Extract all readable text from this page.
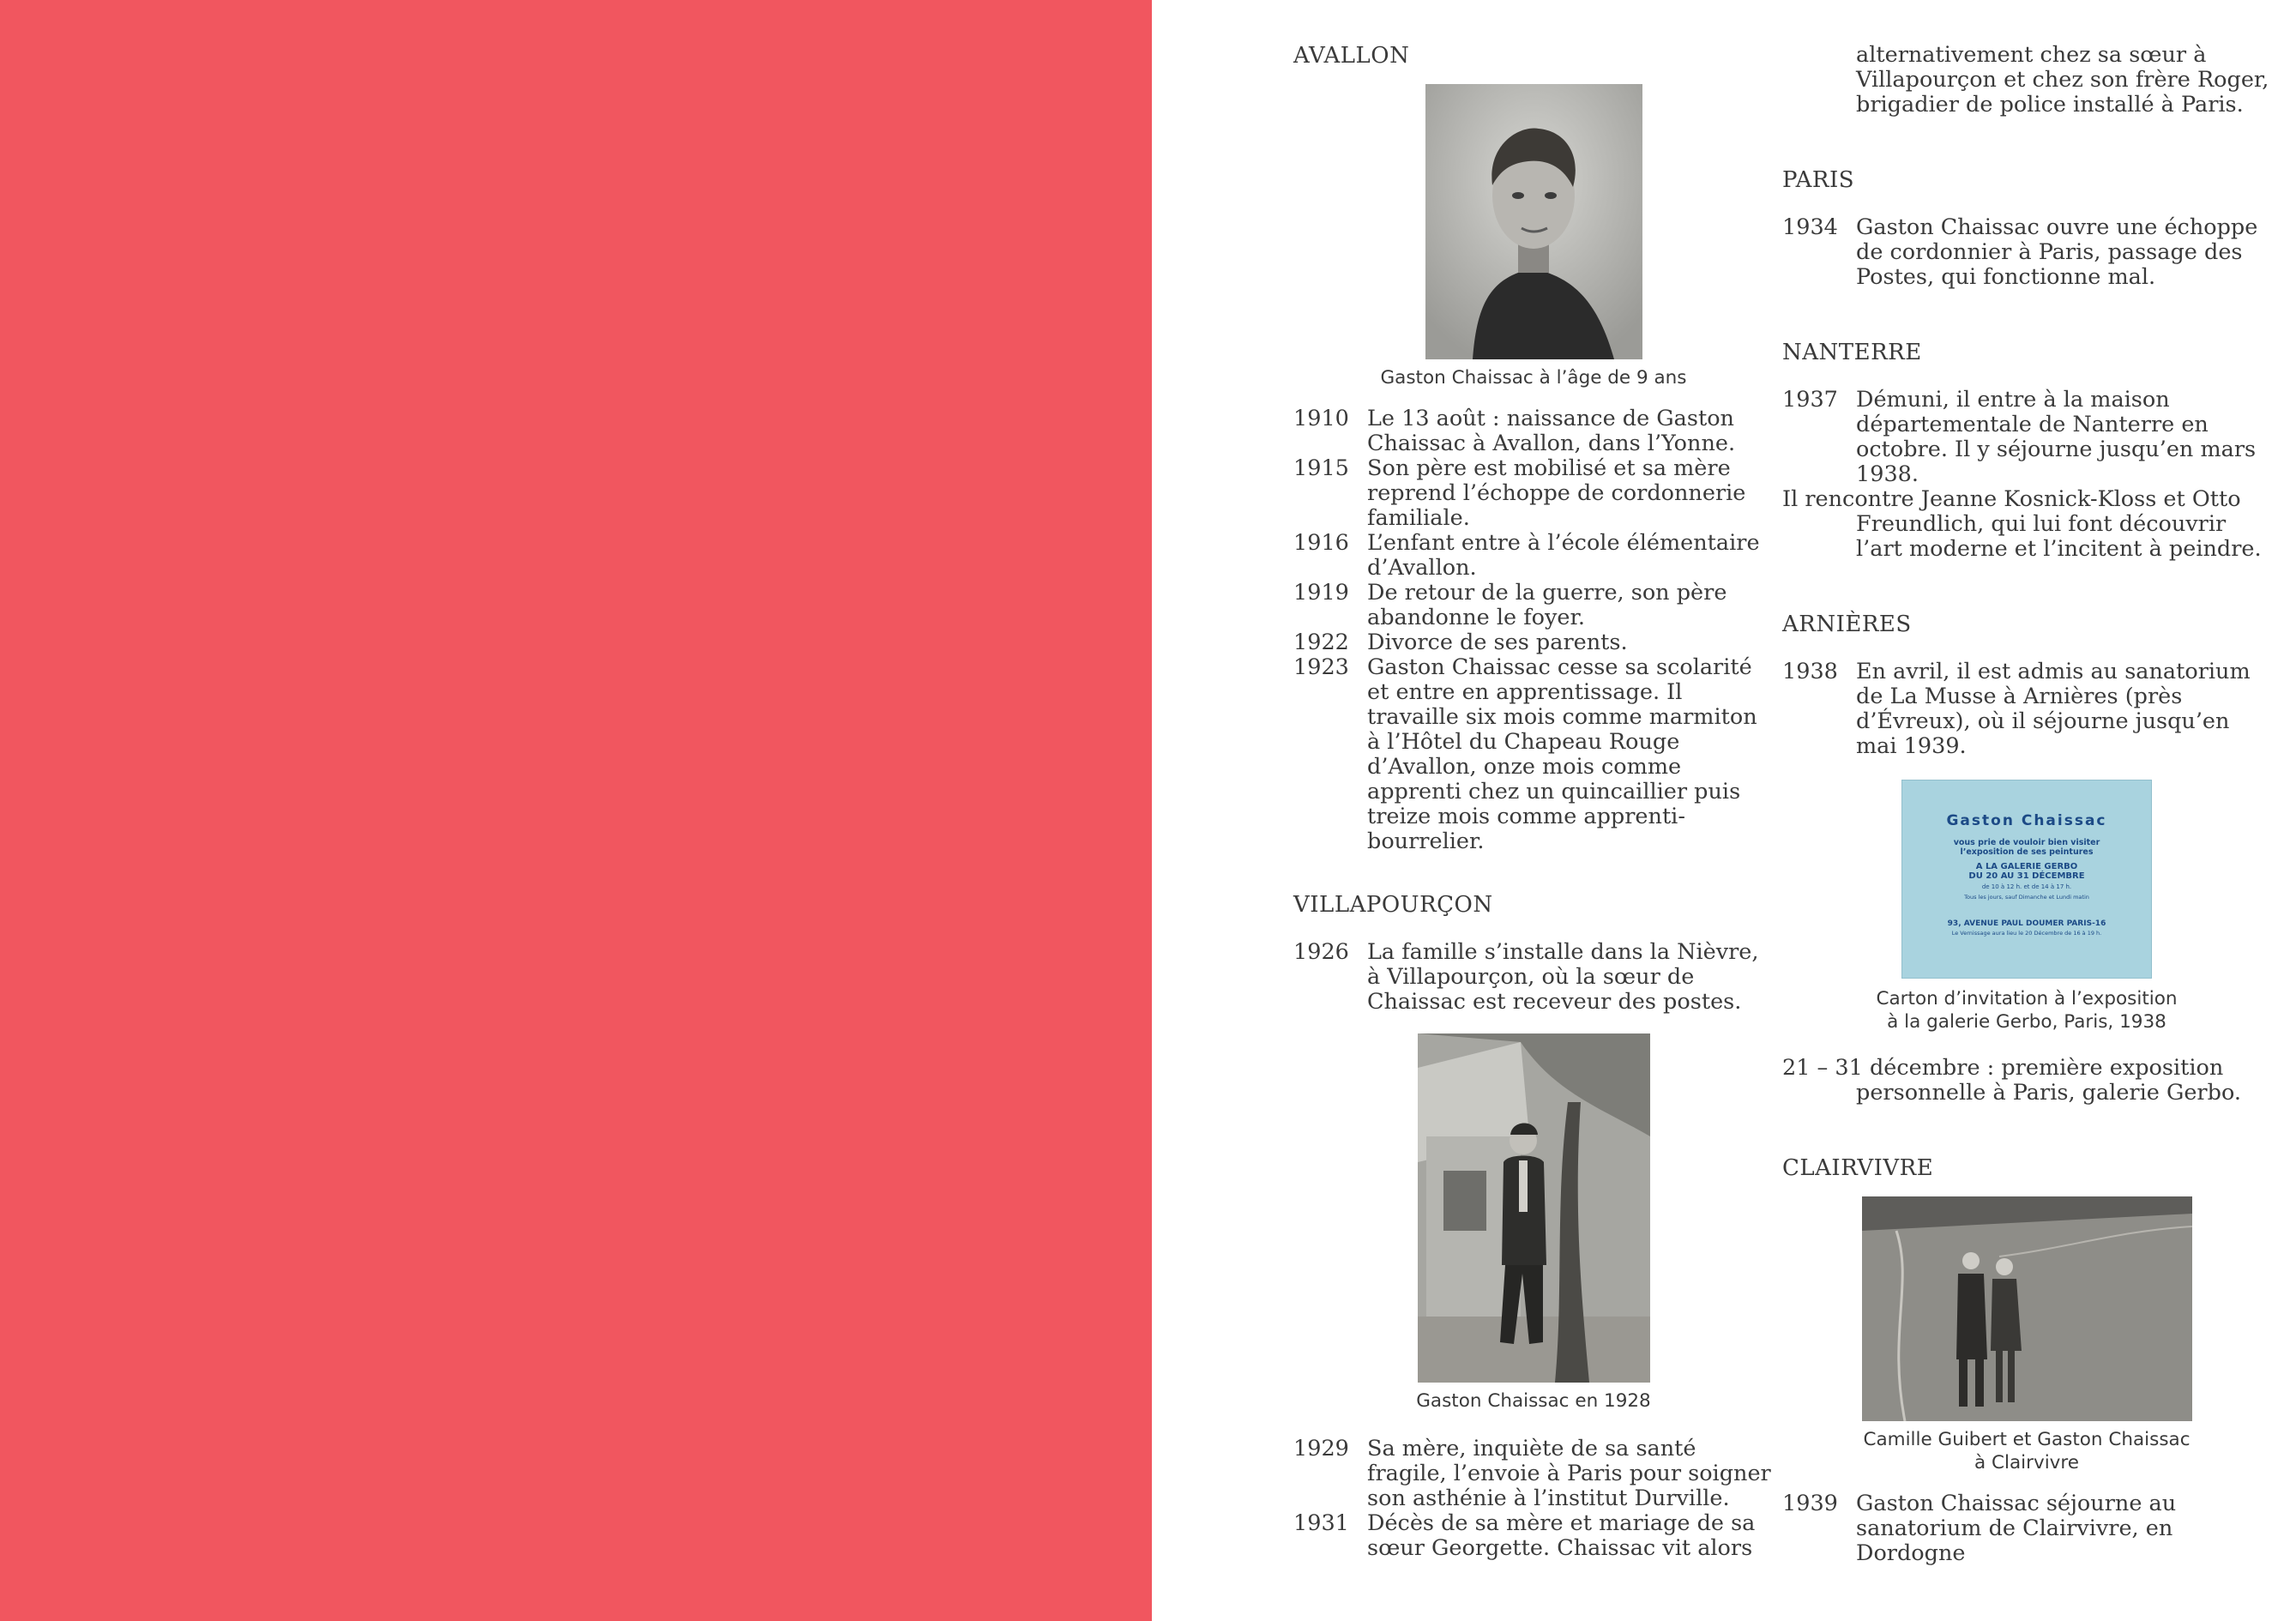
AVALLON
Gaston Chaissac à l’âge de 9 ans
1910 Le 13 août : naissance de Gaston Chaissac à Avallon, dans l’Yonne.
1915 Son père est mobilisé et sa mère reprend l’échoppe de cordonnerie familiale.
1916 L’enfant entre à l’école élémentaire d’Avallon.
1919 De retour de la guerre, son père abandonne le foyer.
1922 Divorce de ses parents.
1923 Gaston Chaissac cesse sa scolarité et entre en apprentissage. Il travaille six mois comme marmiton à l’Hôtel du Chapeau Rouge d’Avallon, onze mois comme apprenti chez un quincaillier puis treize mois comme apprenti-bourrelier.
VILLAPOURÇON
1926 La famille s’installe dans la Nièvre, à Villapourçon, où la sœur de Chaissac est receveur des postes.
Gaston Chaissac en 1928
1929 Sa mère, inquiète de sa santé fragile, l’envoie à Paris pour soigner son asthénie à l’institut Durville.
1931 Décès de sa mère et mariage de sa sœur Georgette. Chaissac vit alors
alternativement chez sa sœur à Villapourçon et chez son frère Roger, brigadier de police installé à Paris.
PARIS
1934 Gaston Chaissac ouvre une échoppe de cordonnier à Paris, passage des Postes, qui fonctionne mal.
NANTERRE
1937 Démuni, il entre à la maison départementale de Nanterre en octobre. Il y séjourne jusqu’en mars 1938.
Il rencontre Jeanne Kosnick-Kloss et Otto Freundlich, qui lui font découvrir l’art moderne et l’incitent à peindre.
ARNIÈRES
1938 En avril, il est admis au sanatorium de La Musse à Arnières (près d’Évreux), où il séjourne jusqu’en mai 1939.
Gaston Chaissac
vous prie de vouloir bien visiter
l’exposition de ses peintures
A LA GALERIE GERBO
DU 20 AU 31 DÉCEMBRE
de 10 à 12 h. et de 14 à 17 h.
Tous les jours, sauf Dimanche et Lundi matin
93, AVENUE PAUL DOUMER PARIS-16
Le Vernissage aura lieu le 20 Décembre de 16 à 19 h.
Carton d’invitation à l’exposition
à la galerie Gerbo, Paris, 1938
21 – 31 décembre : première exposition personnelle à Paris, galerie Gerbo.
CLAIRVIVRE
Camille Guibert et Gaston Chaissac
à Clairvivre
1939 Gaston Chaissac séjourne au sanatorium de Clairvivre, en Dordogne
